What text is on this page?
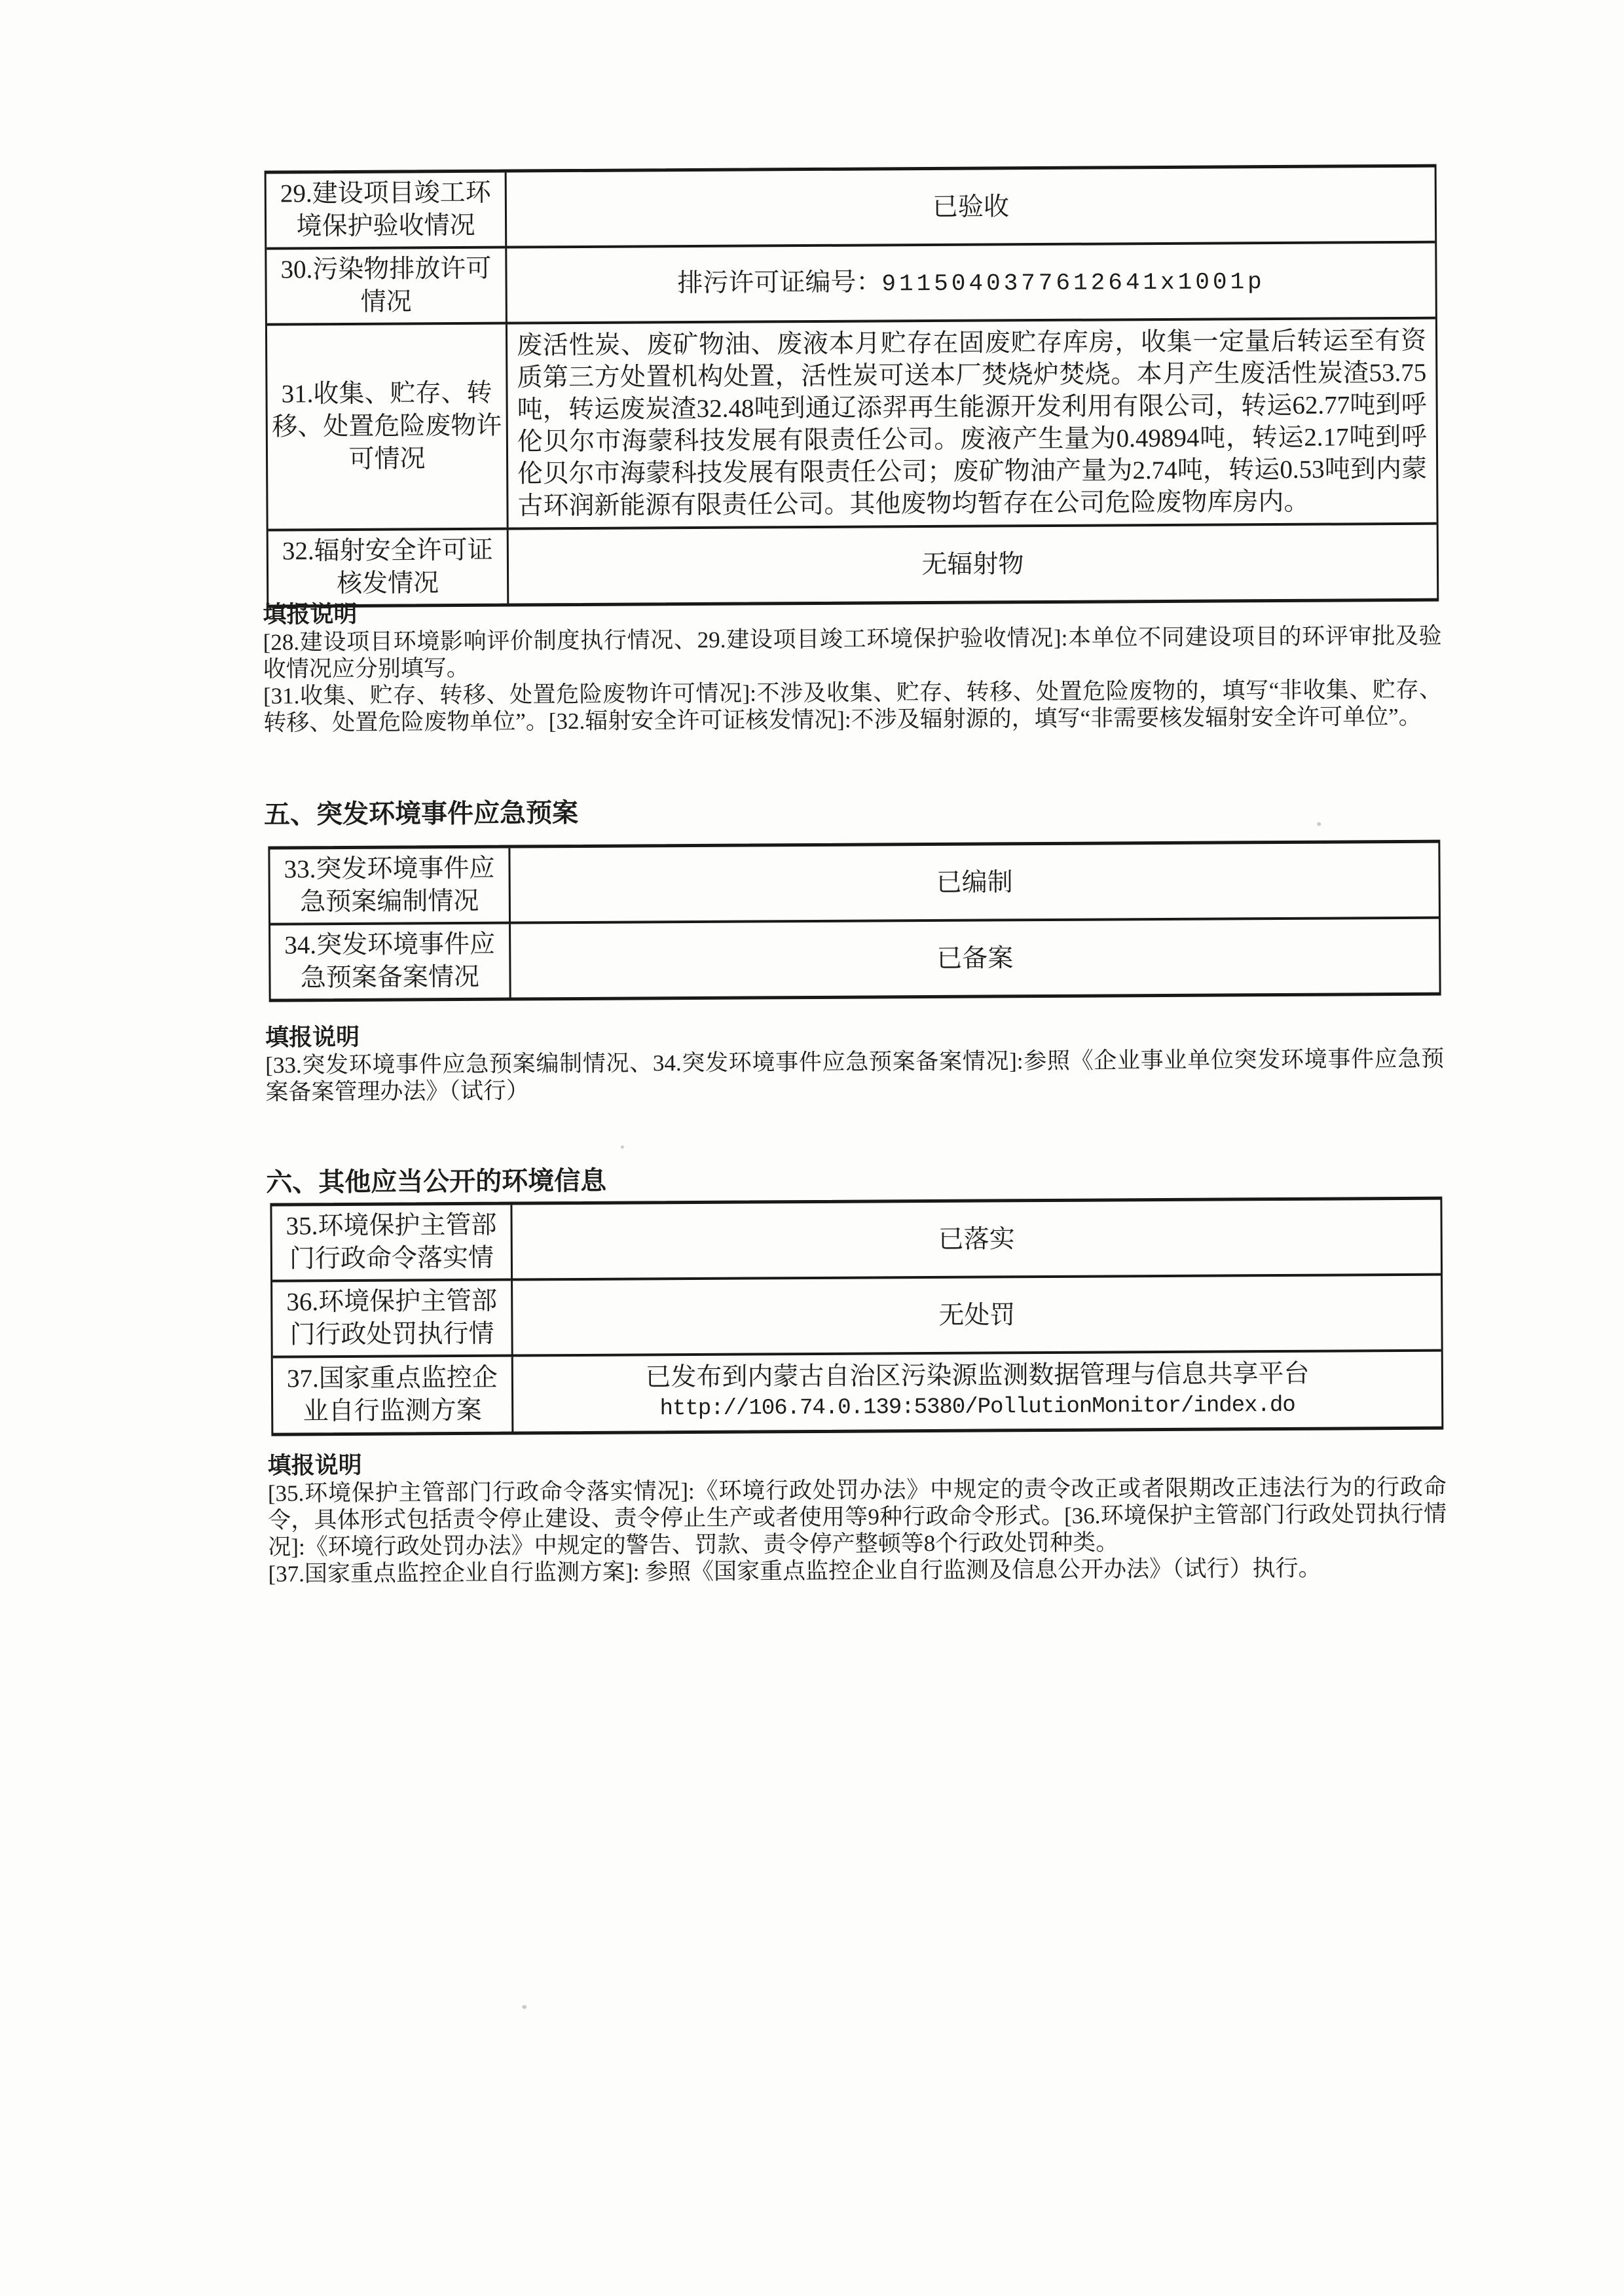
29.建设项目竣工环境保护验收情况
已验收
30.污染物排放许可情况
排污许可证编号：9115040377612641x1001p
31.收集、贮存、转移、处置危险废物许可情况
废活性炭、废矿物油、废液本月贮存在固废贮存库房，收集一定量后转运至有资质第三方处置机构处置，活性炭可送本厂焚烧炉焚烧。本月产生废活性炭渣53.75吨，转运废炭渣32.48吨到通辽添羿再生能源开发利用有限公司，转运62.77吨到呼伦贝尔市海蒙科技发展有限责任公司。废液产生量为0.49894吨，转运2.17吨到呼伦贝尔市海蒙科技发展有限责任公司；废矿物油产量为2.74吨，转运0.53吨到内蒙古环润新能源有限责任公司。其他废物均暂存在公司危险废物库房内。
32.辐射安全许可证核发情况
无辐射物
填报说明

[28.建设项目环境影响评价制度执行情况、29.建设项目竣工环境保护验收情况]:本单位不同建设项目的环评审批及验收情况应分别填写。

[31.收集、贮存、转移、处置危险废物许可情况]:不涉及收集、贮存、转移、处置危险废物的，填写“非收集、贮存、转移、处置危险废物单位”。[32.辐射安全许可证核发情况]:不涉及辐射源的，填写“非需要核发辐射安全许可单位”。

五、突发环境事件应急预案
33.突发环境事件应急预案编制情况
已编制
34.突发环境事件应急预案备案情况
已备案
填报说明

[33.突发环境事件应急预案编制情况、34.突发环境事件应急预案备案情况]:参照《企业事业单位突发环境事件应急预案备案管理办法》（试行）

六、其他应当公开的环境信息
35.环境保护主管部门行政命令落实情
已落实
36.环境保护主管部门行政处罚执行情
无处罚
37.国家重点监控企业自行监测方案
已发布到内蒙古自治区污染源监测数据管理与信息共享平台
http://106.74.0.139:5380/PollutionMonitor/index.do
填报说明

[35.环境保护主管部门行政命令落实情况]:《环境行政处罚办法》中规定的责令改正或者限期改正违法行为的行政命令，具体形式包括责令停止建设、责令停止生产或者使用等9种行政命令形式。[36.环境保护主管部门行政处罚执行情况]:《环境行政处罚办法》中规定的警告、罚款、责令停产整顿等8个行政处罚种类。

[37.国家重点监控企业自行监测方案]: 参照《国家重点监控企业自行监测及信息公开办法》（试行）执行。
